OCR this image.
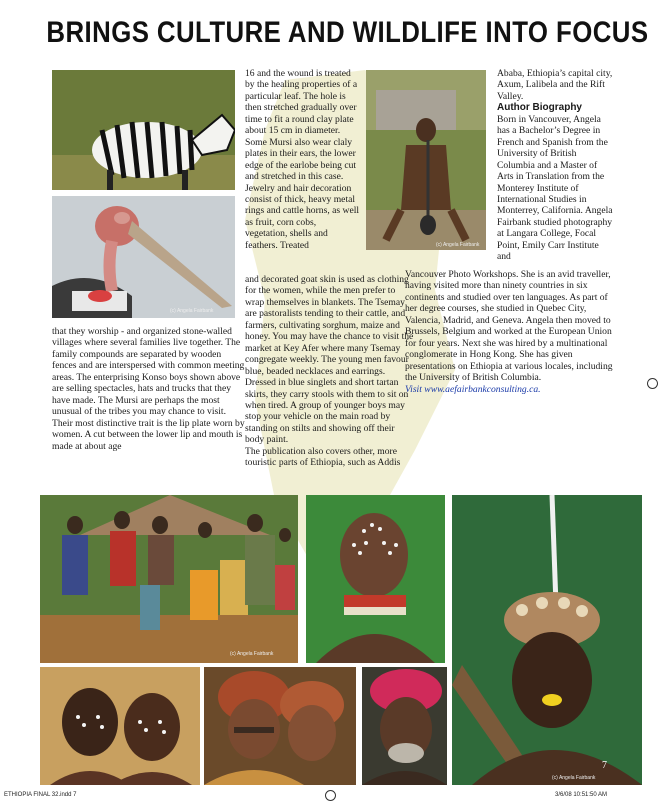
BRINGS CULTURE AND WILDLIFE INTO FOCUS
(c) Angela Fairbank
(c) Angela Fairbank

that they worship - and organized stone-walled villages where several families live together. The family compounds are separated by wooden fences and are interspersed with common meeting areas. The enterprising Konso boys shown above are selling spectacles, hats and trucks that they have made. The Mursi are perhaps the most unusual of the tribes you may chance to visit. Their most distinctive trait is the lip plate worn by women. A cut between the lower lip and mouth is made at about age

16 and the wound is treated by the healing properties of a particular leaf. The hole is then stretched gradually over time to fit a round clay plate about 15 cm in diameter. Some Mursi also wear claly plates in their ears, the lower edge of the earlobe being cut and stretched in this case. Jewelry and hair decoration consist of thick, heavy metal rings and cattle horns, as well as fruit, corn cobs, vegetation, shells and feathers. Treated

and decorated goat skin is used as clothing for the women, while the men prefer to wrap themselves in blankets. The Tsemay are pastoralists tending to their cattle, and farmers, cultivating sorghum, maize and honey. You may have the chance to visit the market at Key Afer where many Tsemay congregate weekly. The young men favour blue, beaded necklaces and earrings. Dressed in blue singlets and short tartan skirts, they carry stools with them to sit on when tired. A group of younger boys may stop your vehicle on the main road by standing on stilts and showing off their body paint.

The publication also covers other, more touristic parts of Ethiopia, such as Addis

Ababa, Ethiopia’s capital city, Axum, Lalibela and the Rift Valley.

Author Biography

Born in Vancouver, Angela has a Bachelor’s Degree in French and Spanish from the University of British Columbia and a Master of Arts in Translation from the Monterey Institute of International Studies in Monterrey, California. Angela Fairbank studied photography at Langara College, Focal Point, Emily Carr Institute and

Vancouver Photo Workshops. She is an avid traveller, having visited more than ninety countries in six continents and studied over ten languages. As part of her degree courses, she studied in Quebec City, Valencia, Madrid, and Geneva. Angela then moved to Brussels, Belgium and worked at the European Union for four years. Next she was hired by a multinational conglomerate in Hong Kong. She has given presentations on Ethiopia at various locales, including the University of British Columbia.

Visit www.aefairbankconsulting.ca.

(c) Angela Fairbank
7
(c) Angela Fairbank
ETHIOPIA FINAL 32.indd 7	3/6/08 10:51:50 AM
